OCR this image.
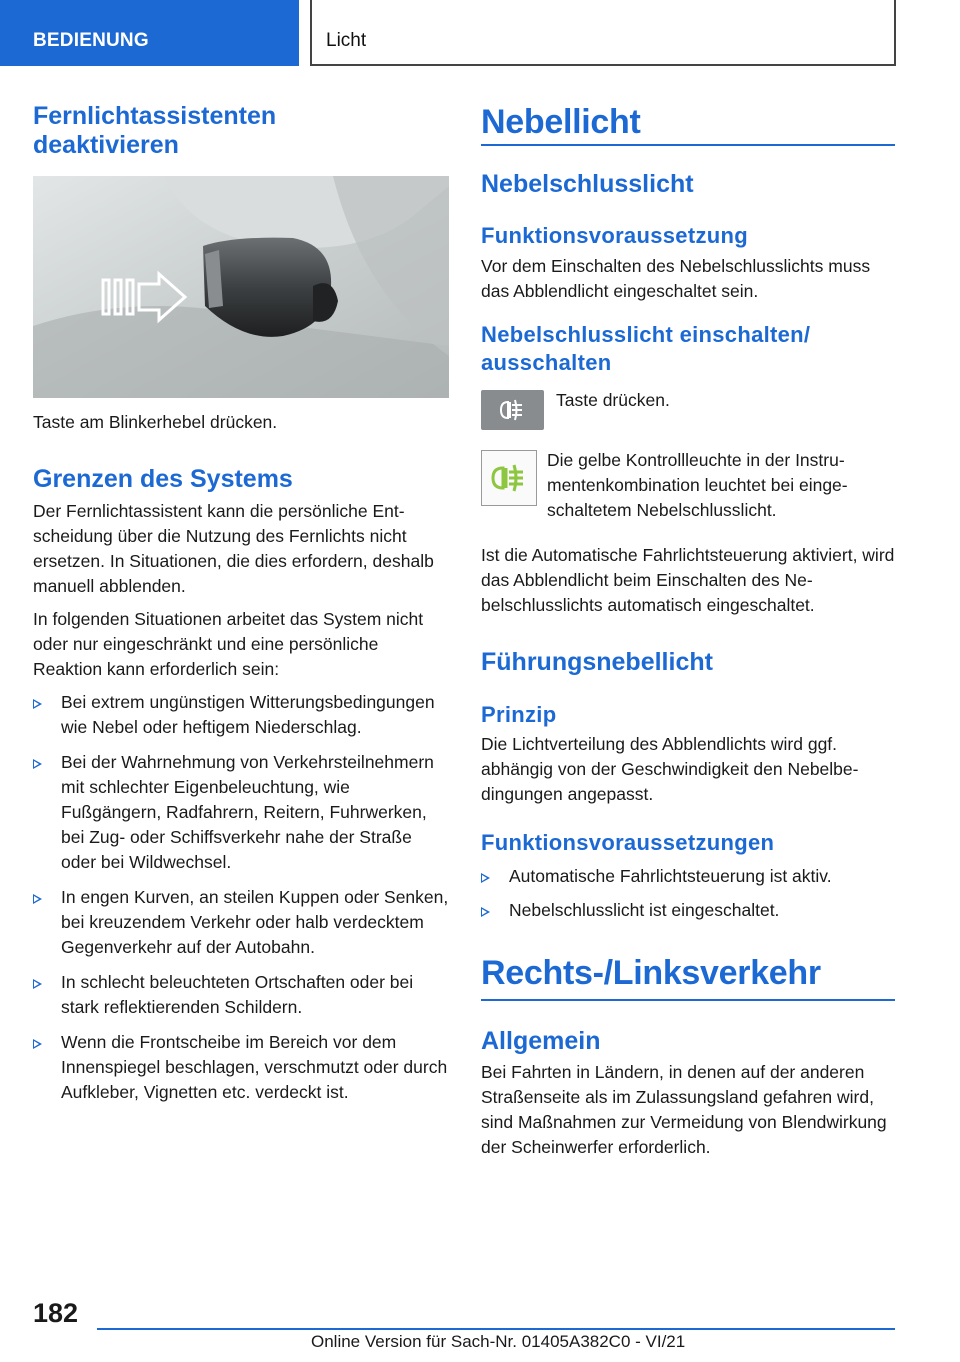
BEDIENUNG	Licht
Fernlichtassistenten deaktivieren

Taste am Blinkerhebel drücken.

Grenzen des Systems

Der Fernlichtassistent kann die persönliche Entscheidung über die Nutzung des Fernlichts nicht ersetzen. In Situationen, die dies erfordern, deshalb manuell abblenden.

In folgenden Situationen arbeitet das System nicht oder nur eingeschränkt und eine persönliche Reaktion kann erforderlich sein:

Bei extrem ungünstigen Witterungsbedingungen wie Nebel oder heftigem Niederschlag.
Bei der Wahrnehmung von Verkehrsteilnehmern mit schlechter Eigenbeleuchtung, wie Fußgängern, Radfahrern, Reitern, Fuhrwerken, bei Zug- oder Schiffsverkehr nahe der Straße oder bei Wildwechsel.
In engen Kurven, an steilen Kuppen oder Senken, bei kreuzendem Verkehr oder halb verdecktem Gegenverkehr auf der Autobahn.
In schlecht beleuchteten Ortschaften oder bei stark reflektierenden Schildern.
Wenn die Frontscheibe im Bereich vor dem Innenspiegel beschlagen, verschmutzt oder durch Aufkleber, Vignetten etc. verdeckt ist.
Nebellicht
Nebelschlusslicht
Funktionsvoraussetzung

Vor dem Einschalten des Nebelschlusslichts muss das Abblendlicht eingeschaltet sein.

Nebelschlusslicht einschalten/ ausschalten

Taste drücken.

Die gelbe Kontrollleuchte in der Instrumentenkombination leuchtet bei eingeschaltetem Nebelschlusslicht.

Ist die Automatische Fahrlichtsteuerung aktiviert, wird das Abblendlicht beim Einschalten des Nebelschlusslichts automatisch eingeschaltet.

Führungsnebellicht
Prinzip

Die Lichtverteilung des Abblendlichts wird ggf. abhängig von der Geschwindigkeit den Nebelbedingungen angepasst.

Funktionsvoraussetzungen
Automatische Fahrlichtsteuerung ist aktiv.
Nebelschlusslicht ist eingeschaltet.
Rechts-/Linksverkehr
Allgemein

Bei Fahrten in Ländern, in denen auf der anderen Straßenseite als im Zulassungsland gefahren wird, sind Maßnahmen zur Vermeidung von Blendwirkung der Scheinwerfer erforderlich.

182
Online Version für Sach-Nr. 01405A382C0 - VI/21
